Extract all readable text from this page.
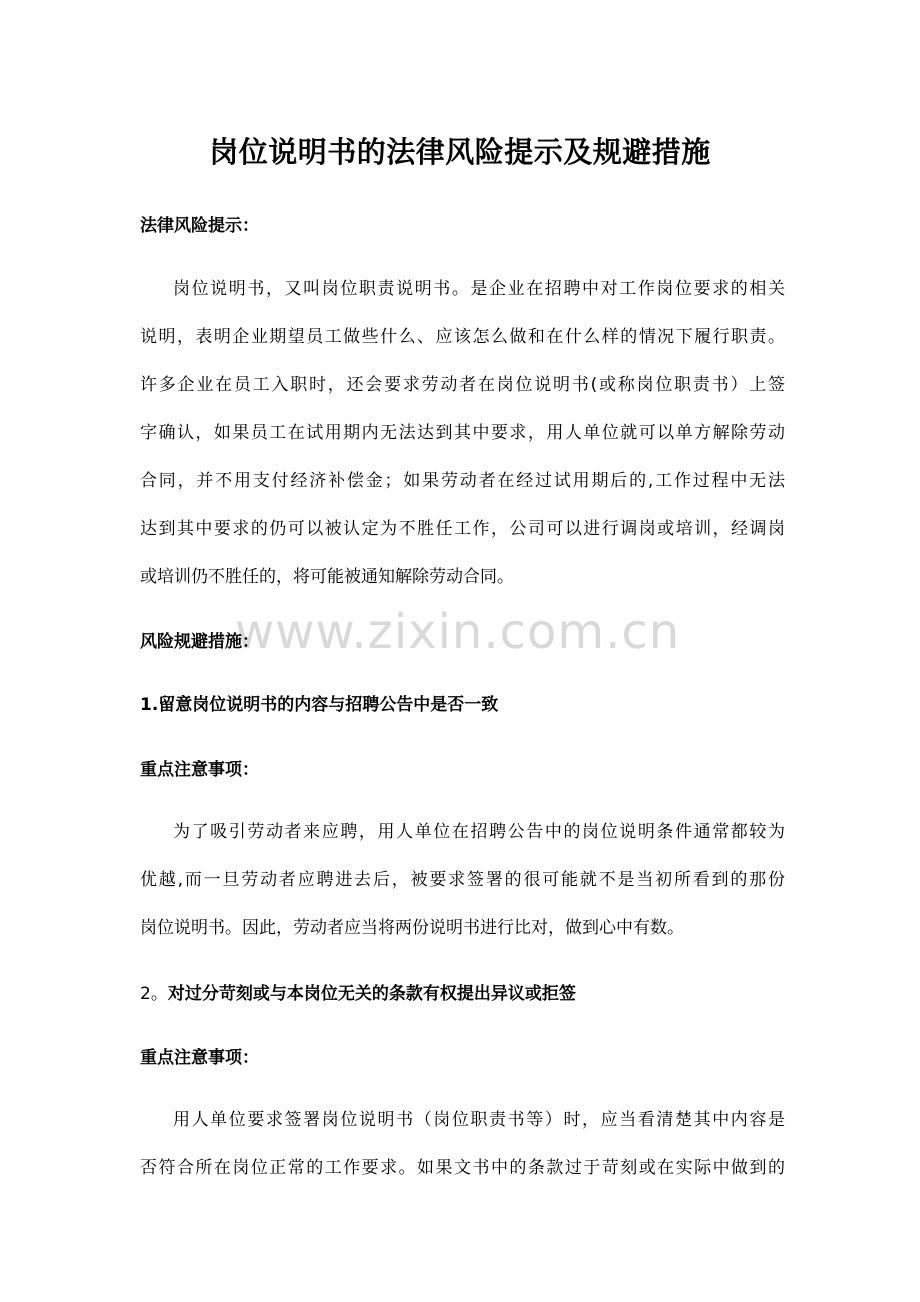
www.zixin.com.cn
岗位说明书的法律风险提示及规避措施
法律风险提示：
岗位说明书，又叫岗位职责说明书。是企业在招聘中对工作岗位要求的相关
说明，表明企业期望员工做些什么、应该怎么做和在什么样的情况下履行职责。
许多企业在员工入职时，还会要求劳动者在岗位说明书(或称岗位职责书）上签
字确认，如果员工在试用期内无法达到其中要求，用人单位就可以单方解除劳动
合同，并不用支付经济补偿金；如果劳动者在经过试用期后的,工作过程中无法
达到其中要求的仍可以被认定为不胜任工作，公司可以进行调岗或培训，经调岗
或培训仍不胜任的，将可能被通知解除劳动合同。
风险规避措施：
1.留意岗位说明书的内容与招聘公告中是否一致
重点注意事项：
为了吸引劳动者来应聘，用人单位在招聘公告中的岗位说明条件通常都较为
优越,而一旦劳动者应聘进去后，被要求签署的很可能就不是当初所看到的那份
岗位说明书。因此，劳动者应当将两份说明书进行比对，做到心中有数。
2。对过分苛刻或与本岗位无关的条款有权提出异议或拒签
重点注意事项：
用人单位要求签署岗位说明书（岗位职责书等）时，应当看清楚其中内容是
否符合所在岗位正常的工作要求。如果文书中的条款过于苛刻或在实际中做到的
